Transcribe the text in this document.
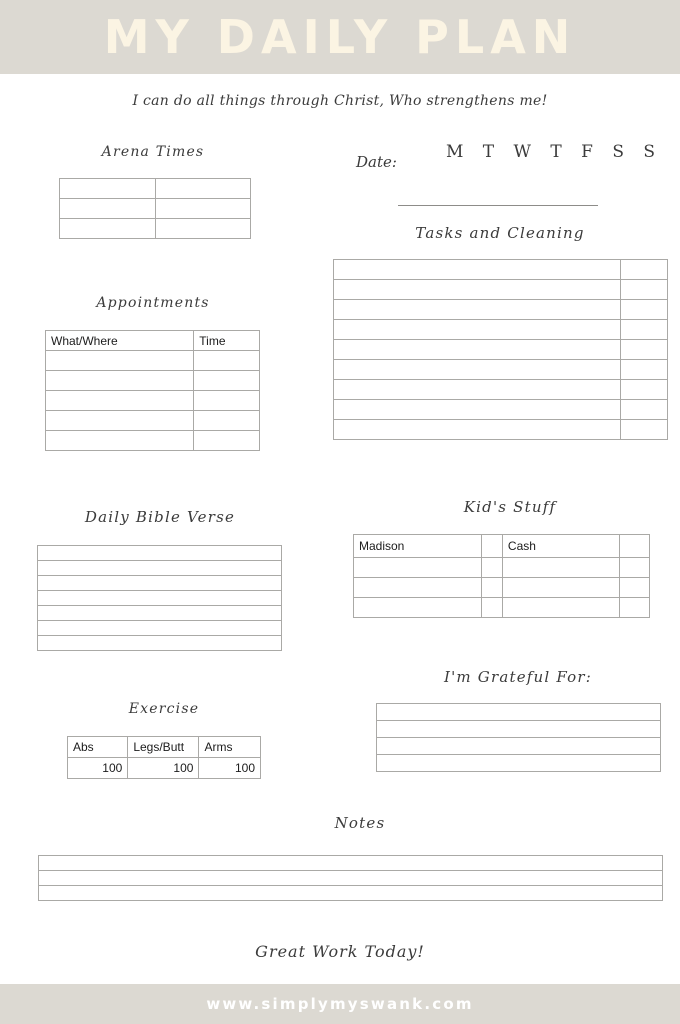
MY DAILY PLAN
I can do all things through Christ, Who strengthens me!
Arena Times

Date:	M T W T F S S
Tasks and Cleaning

Appointments
What/Where	Time

Daily Bible Verse

Kid's Stuff
Madison		Cash	

I'm Grateful For:

Exercise
Abs	Legs/Butt	Arms
100	100	100
Notes

Great Work Today!
www.simplymyswank.com
